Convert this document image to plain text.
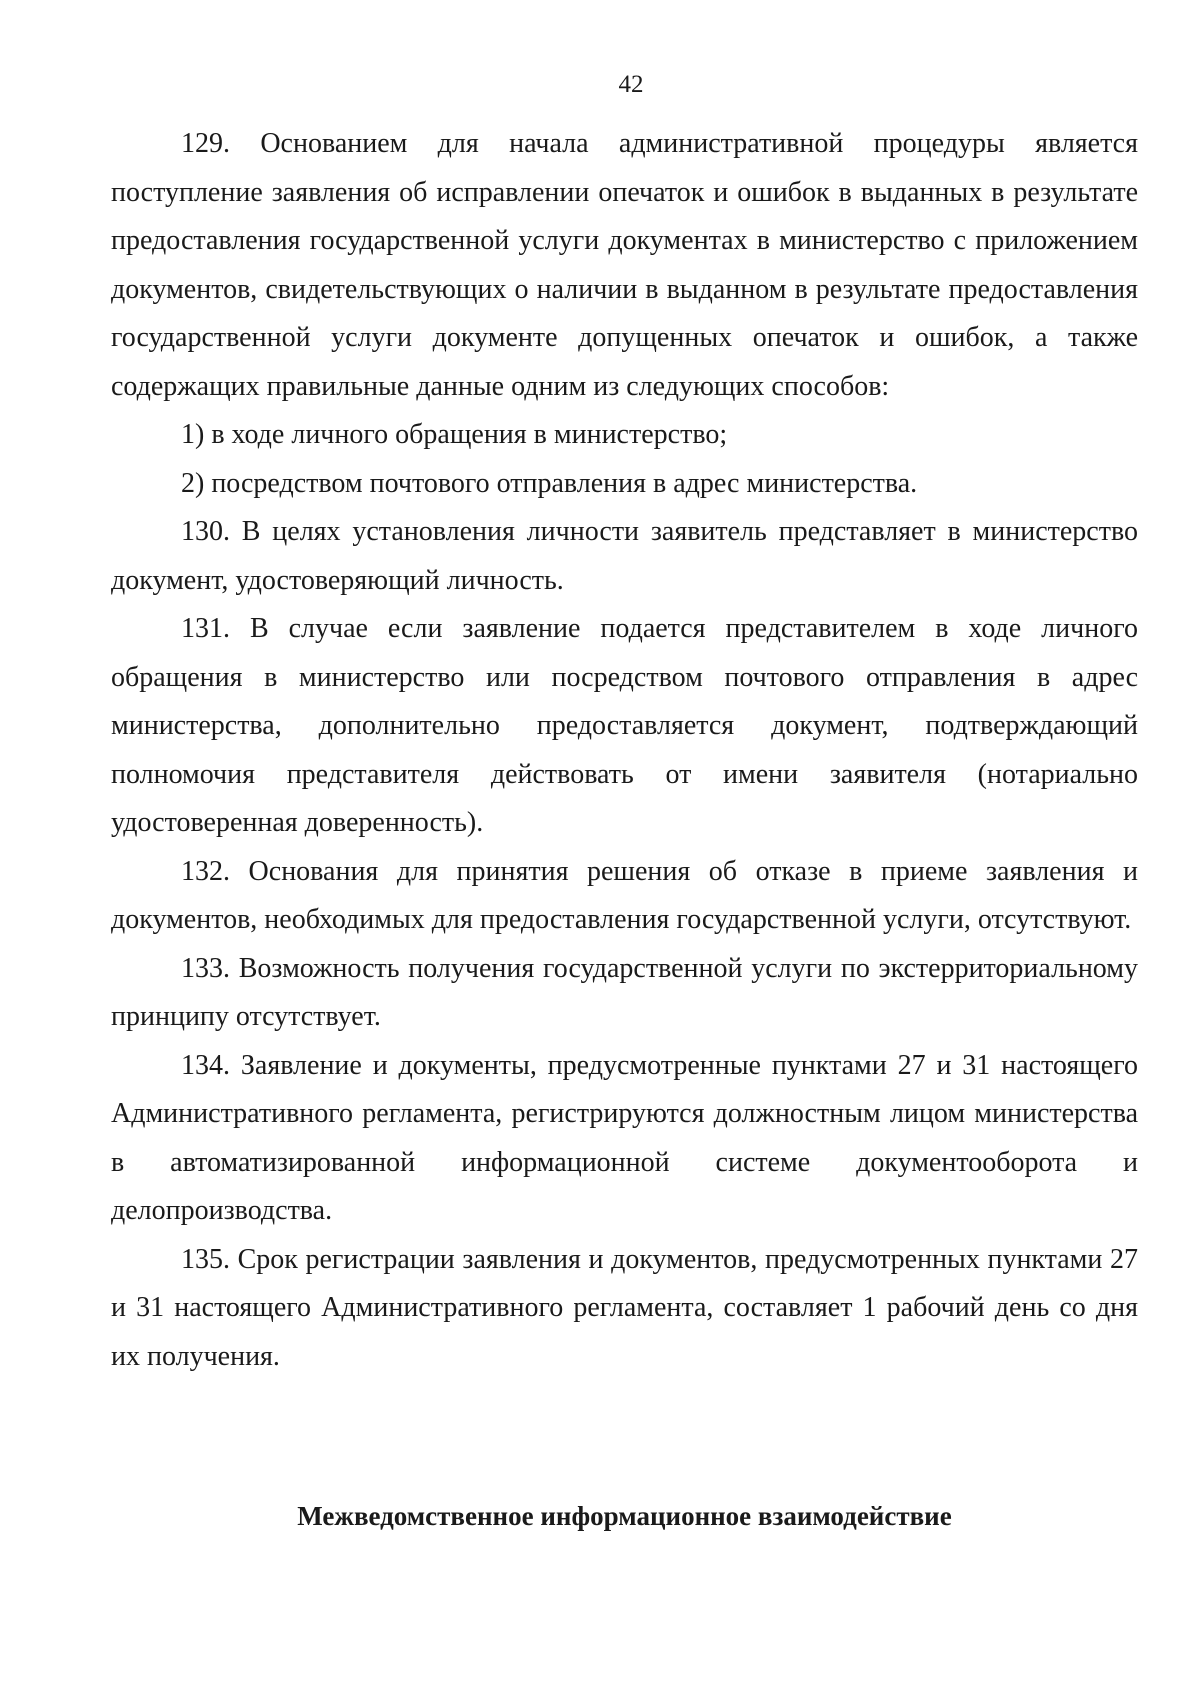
42

129. Основанием для начала административной процедуры является поступление заявления об исправлении опечаток и ошибок в выданных в результате предоставления государственной услуги документах в министерство с приложением документов, свидетельствующих о наличии в выданном в результате предоставления государственной услуги документе допущенных опечаток и ошибок, а также содержащих правильные данные одним из следующих способов:

1) в ходе личного обращения в министерство;

2) посредством почтового отправления в адрес министерства.

130. В целях установления личности заявитель представляет в министерство документ, удостоверяющий личность.

131. В случае если заявление подается представителем в ходе личного обращения в министерство или посредством почтового отправления в адрес министерства, дополнительно предоставляется документ, подтверждающий полномочия представителя действовать от имени заявителя (нотариально удостоверенная доверенность).

132. Основания для принятия решения об отказе в приеме заявления и документов, необходимых для предоставления государственной услуги, отсутствуют.

133. Возможность получения государственной услуги по экстерриториальному принципу отсутствует.

134. Заявление и документы, предусмотренные пунктами 27 и 31 настоящего Административного регламента, регистрируются должностным лицом министерства в автоматизированной информационной системе документооборота и делопроизводства.

135. Срок регистрации заявления и документов, предусмотренных пунктами 27 и 31 настоящего Административного регламента, составляет 1 рабочий день со дня их получения.

Межведомственное информационное взаимодействие
